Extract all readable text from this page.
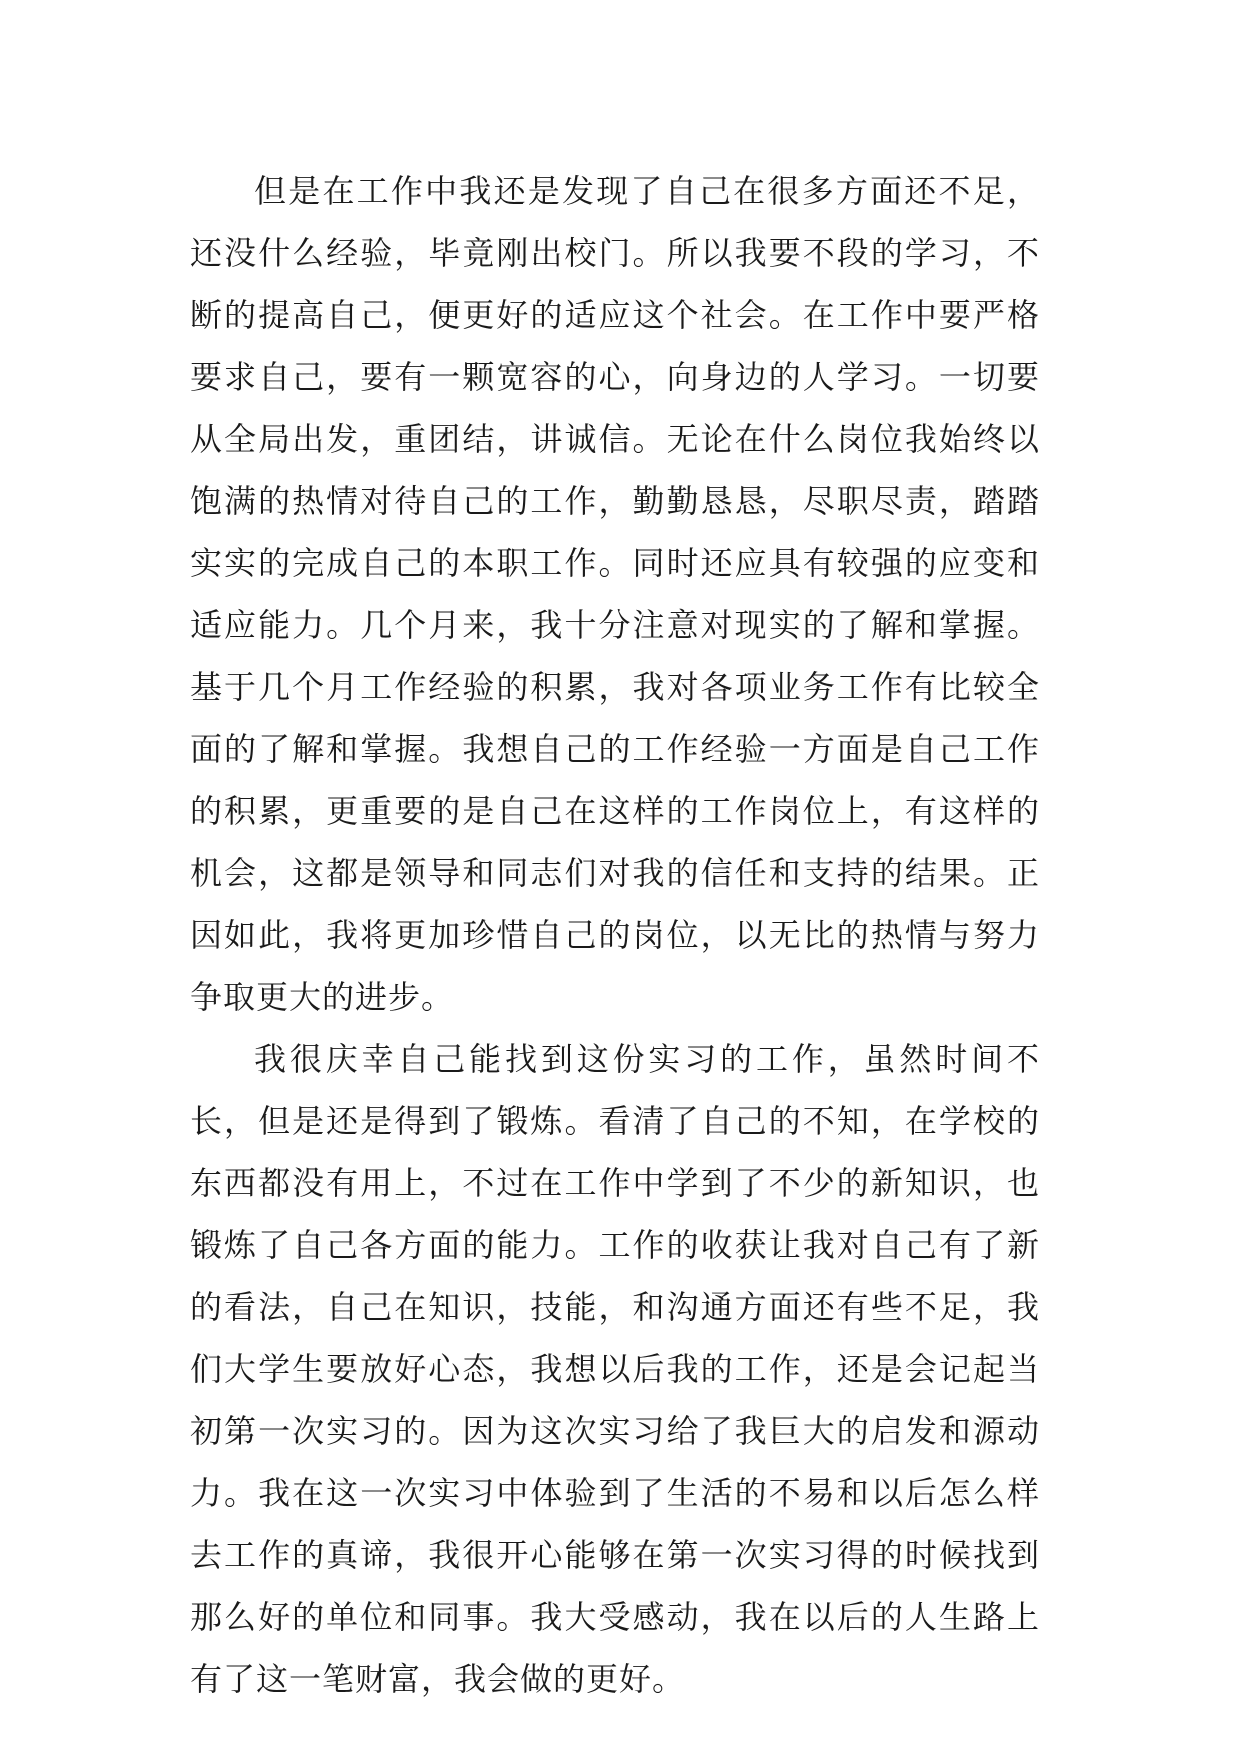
但是在工作中我还是发现了自己在很多方面还不足，还没什么经验，毕竟刚出校门。所以我要不段的学习，不断的提高自己，便更好的适应这个社会。在工作中要严格要求自己，要有一颗宽容的心，向身边的人学习。一切要从全局出发，重团结，讲诚信。无论在什么岗位我始终以饱满的热情对待自己的工作，勤勤恳恳，尽职尽责，踏踏实实的完成自己的本职工作。同时还应具有较强的应变和适应能力。几个月来，我十分注意对现实的了解和掌握。基于几个月工作经验的积累，我对各项业务工作有比较全面的了解和掌握。我想自己的工作经验一方面是自己工作的积累，更重要的是自己在这样的工作岗位上，有这样的机会，这都是领导和同志们对我的信任和支持的结果。正因如此，我将更加珍惜自己的岗位，以无比的热情与努力争取更大的进步。

我很庆幸自己能找到这份实习的工作，虽然时间不长，但是还是得到了锻炼。看清了自己的不知，在学校的东西都没有用上，不过在工作中学到了不少的新知识，也锻炼了自己各方面的能力。工作的收获让我对自己有了新的看法，自己在知识，技能，和沟通方面还有些不足，我们大学生要放好心态，我想以后我的工作，还是会记起当初第一次实习的。因为这次实习给了我巨大的启发和源动力。我在这一次实习中体验到了生活的不易和以后怎么样去工作的真谛，我很开心能够在第一次实习得的时候找到那么好的单位和同事。我大受感动，我在以后的人生路上有了这一笔财富，我会做的更好。
